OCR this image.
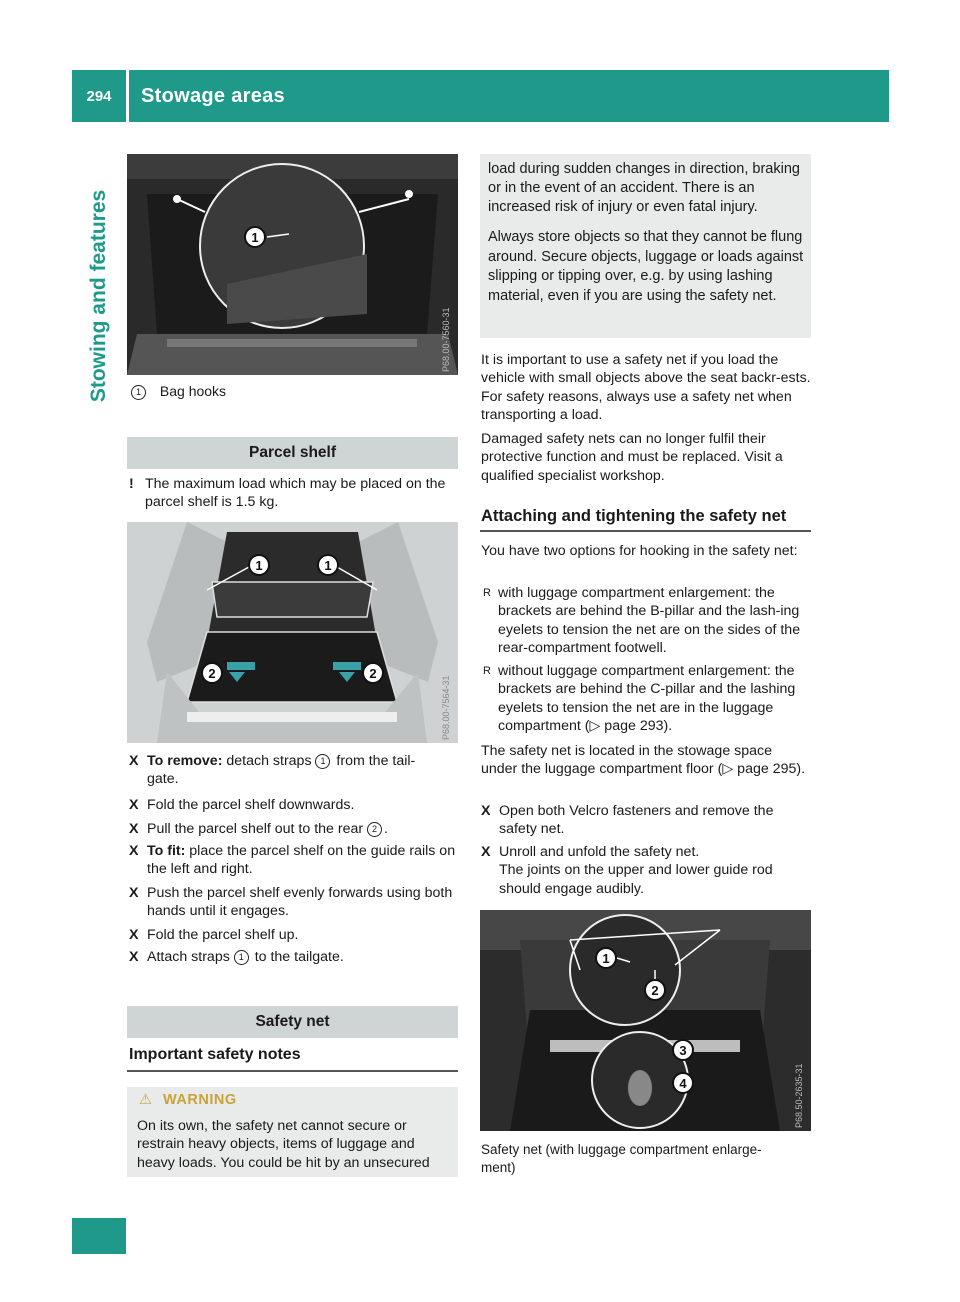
294	Stowage areas
Stowing and features	1
P68.00-7560-31
1 Bag hooks
Parcel shelf
! The maximum load which may be placed on the parcel shelf is 1.5 kg.
1	1
2	2
P68.00-7564-31
X To remove: detach straps 1 from the tail-
gate.
X Fold the parcel shelf downwards.
X Pull the parcel shelf out to the rear 2 .
X To fit: place the parcel shelf on the guide rails on the left and right.
X Push the parcel shelf evenly forwards using both hands until it engages.
X Fold the parcel shelf up.
X Attach straps 1 to the tailgate.
Safety net
Important safety notes
⚠ WARNING
On its own, the safety net cannot secure or restrain heavy objects, items of luggage and heavy loads. You could be hit by an unsecured
load during sudden changes in direction, braking or in the event of an accident. There is an increased risk of injury or even fatal injury.
Always store objects so that they cannot be flung around. Secure objects, luggage or loads against slipping or tipping over, e.g. by using lashing material, even if you are using the safety net.
It is important to use a safety net if you load the vehicle with small objects above the seat backr-ests. For safety reasons, always use a safety net when transporting a load.
Damaged safety nets can no longer fulfil their protective function and must be replaced. Visit a qualified specialist workshop.
Attaching and tightening the safety net
You have two options for hooking in the safety net:
R with luggage compartment enlargement: the brackets are behind the B-pillar and the lash-ing eyelets to tension the net are on the sides of the rear-compartment footwell.
R without luggage compartment enlargement: the brackets are behind the C-pillar and the lashing eyelets to tension the net are in the luggage compartment (▷ page 293).
The safety net is located in the stowage space under the luggage compartment floor (▷ page 295).
X Open both Velcro fasteners and remove the safety net.
X Unroll and unfold the safety net.
The joints on the upper and lower guide rod should engage audibly.
1
2
3
4	P68.50-2635-31
Safety net (with luggage compartment enlarge-
ment)
